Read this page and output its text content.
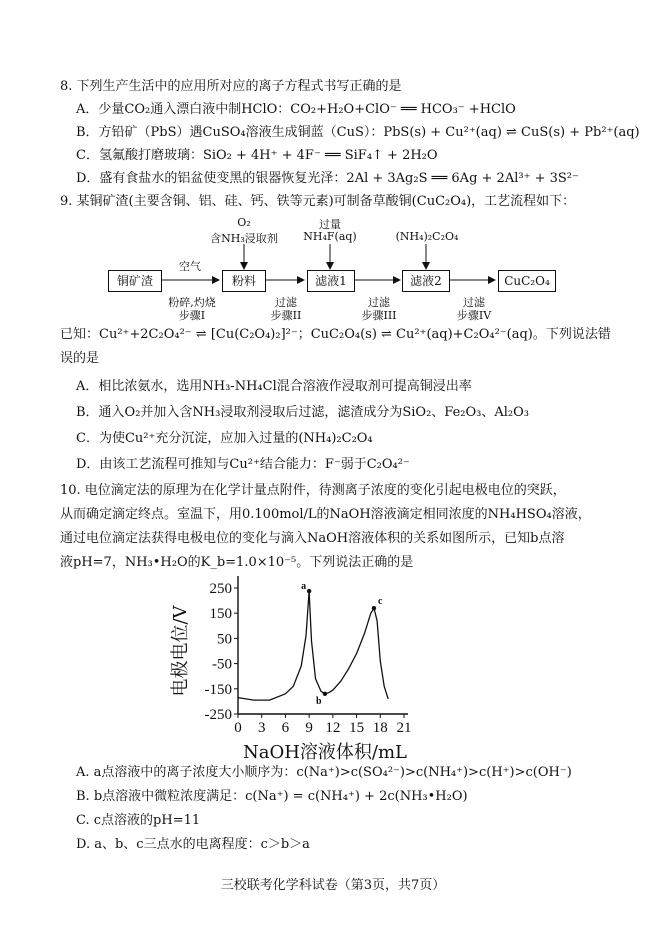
8. 下列生产生活中的应用所对应的离子方程式书写正确的是
A．少量CO₂通入漂白液中制HClO：CO₂+H₂O+ClO⁻ ══ HCO₃⁻ +HClO
B．方铅矿（PbS）遇CuSO₄溶液生成铜蓝（CuS）：PbS(s) + Cu²⁺(aq) ⇌ CuS(s) + Pb²⁺(aq)
C．氢氟酸打磨玻璃：SiO₂ + 4H⁺ + 4F⁻ ══ SiF₄↑ + 2H₂O
D．盛有食盐水的铝盆使变黑的银器恢复光泽：2Al + 3Ag₂S ══ 6Ag + 2Al³⁺ + 3S²⁻
9. 某铜矿渣(主要含铜、铝、硅、钙、铁等元素)可制备草酸铜(CuC₂O₄)，工艺流程如下：
铜矿渣	粉料	滤液1	滤液2	CuC₂O₄
空气
粉碎,灼烧
步骤I
O₂
含NH₃浸取剂
过滤
步骤II
过量
NH₄F(aq)
过滤
步骤III
(NH₄)₂C₂O₄
过滤
步骤IV
已知：Cu²⁺+2C₂O₄²⁻ ⇌ [Cu(C₂O₄)₂]²⁻；CuC₂O₄(s) ⇌ Cu²⁺(aq)+C₂O₄²⁻(aq)。下列说法错
误的是
A．相比浓氨水，选用NH₃-NH₄Cl混合溶液作浸取剂可提高铜浸出率
B．通入O₂并加入含NH₃浸取剂浸取后过滤，滤渣成分为SiO₂、Fe₂O₃、Al₂O₃
C．为使Cu²⁺充分沉淀，应加入过量的(NH₄)₂C₂O₄
D．由该工艺流程可推知与Cu²⁺结合能力：F⁻弱于C₂O₄²⁻
10. 电位滴定法的原理为在化学计量点附件，待测离子浓度的变化引起电极电位的突跃，
从而确定滴定终点。室温下，用0.100mol/L的NaOH溶液滴定相同浓度的NH₄HSO₄溶液，
通过电位滴定法获得电极电位的变化与滴入NaOH溶液体积的关系如图所示，已知b点溶
液pH=7，NH₃•H₂O的K_b=1.0×10⁻⁵。下列说法正确的是
250
150
50
-50
-150
-250
0 3 6 9 12 15 18 21
NaOH溶液体积/mL
电极电位/V
a
b
c
A. a点溶液中的离子浓度大小顺序为：c(Na⁺)>c(SO₄²⁻)>c(NH₄⁺)>c(H⁺)>c(OH⁻)
B. b点溶液中微粒浓度满足：c(Na⁺) = c(NH₄⁺) + 2c(NH₃•H₂O)
C. c点溶液的pH=11
D. a、b、c三点水的电离程度：c＞b＞a
三校联考化学科试卷（第3页，共7页）
